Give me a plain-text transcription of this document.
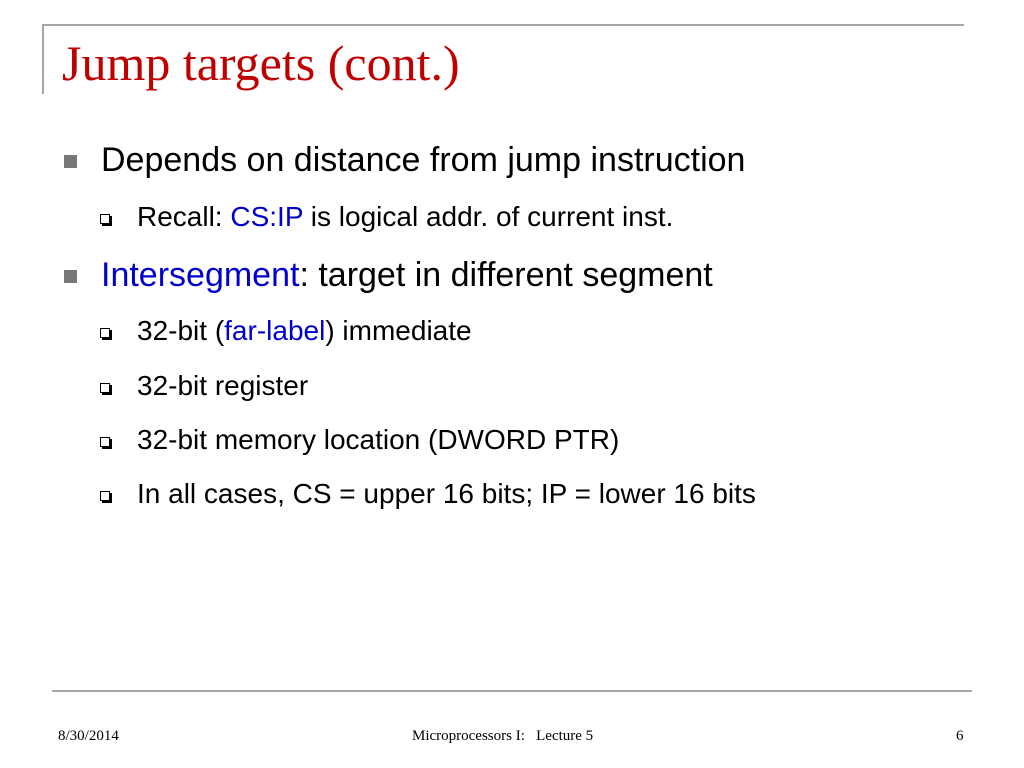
Jump targets (cont.)
Depends on distance from jump instruction
Recall: CS:IP is logical addr. of current inst.
Intersegment: target in different segment
32-bit (far-label) immediate
32-bit register
32-bit memory location (DWORD PTR)
In all cases, CS = upper 16 bits; IP = lower 16 bits
8/30/2014	Microprocessors I:   Lecture 5	6
